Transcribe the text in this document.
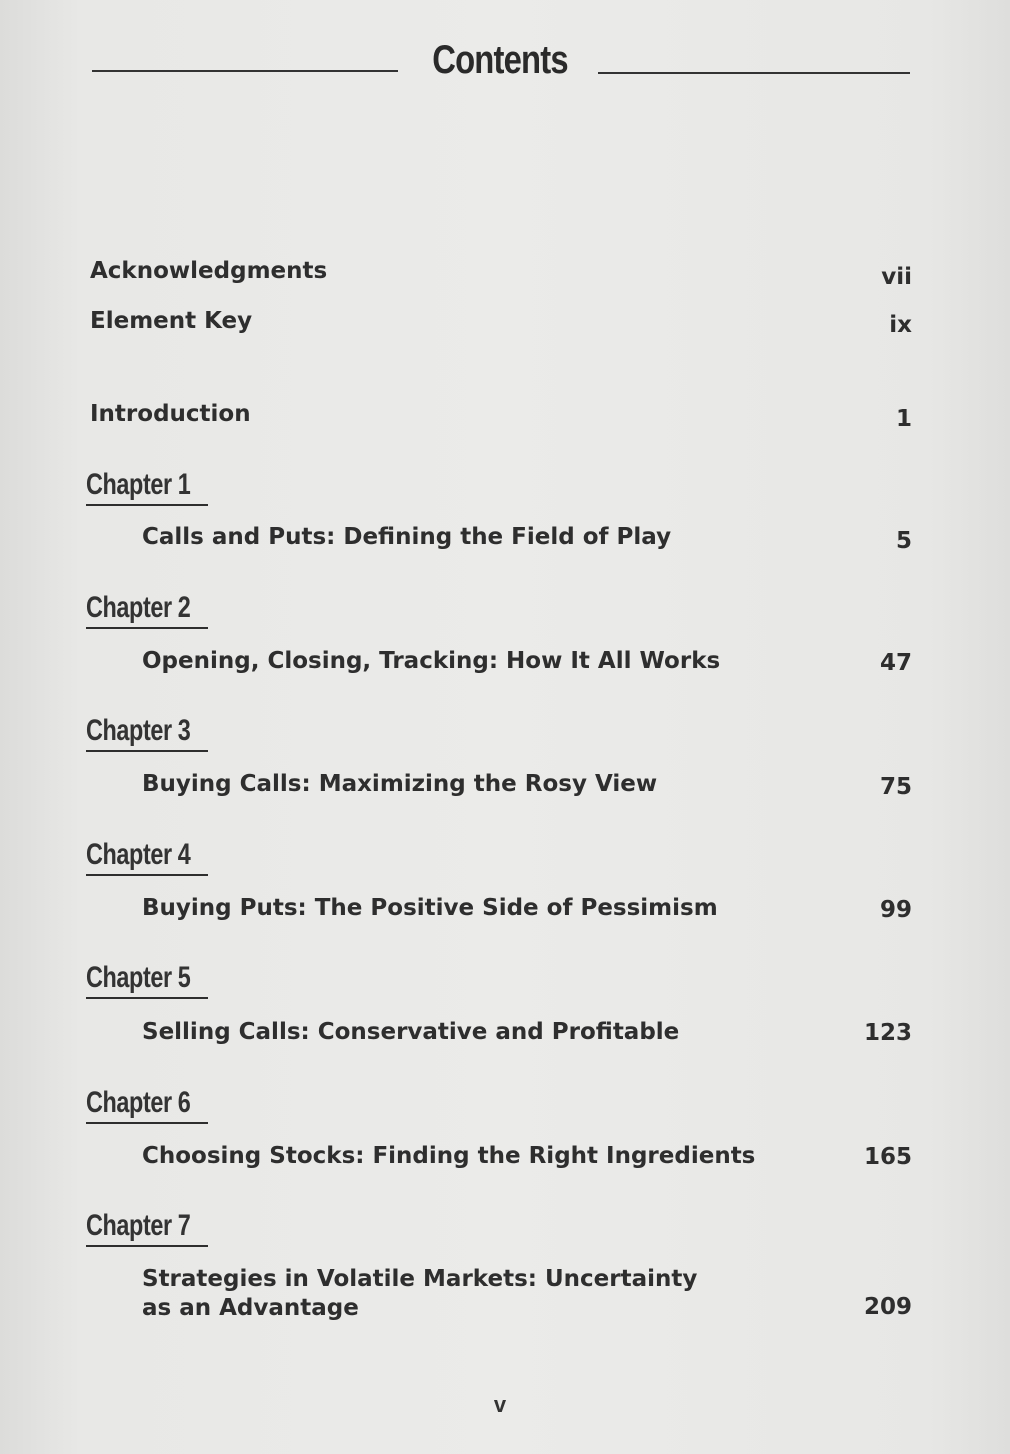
Contents
Acknowledgments	vii
Element Key	ix
Introduction	1
Chapter 1
Calls and Puts: Defining the Field of Play	5
Chapter 2
Opening, Closing, Tracking: How It All Works	47
Chapter 3
Buying Calls: Maximizing the Rosy View	75
Chapter 4
Buying Puts: The Positive Side of Pessimism	99
Chapter 5
Selling Calls: Conservative and Profitable	123
Chapter 6
Choosing Stocks: Finding the Right Ingredients	165
Chapter 7
Strategies in Volatile Markets: Uncertainty
as an Advantage	209
v
